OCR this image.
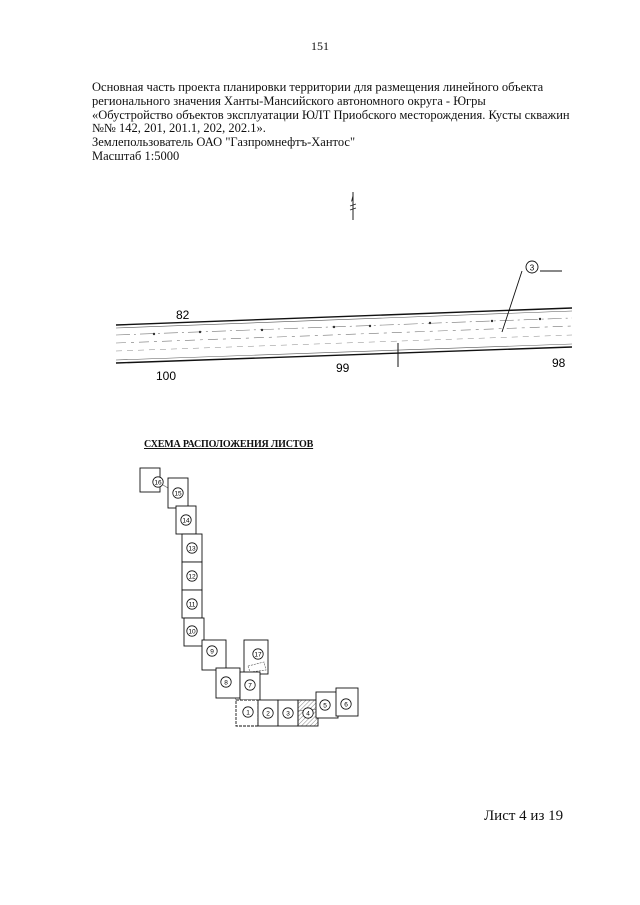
151
Основная часть проекта планировки территории для размещения линейного объекта
регионального значения Ханты-Мансийского автономного округа - Югры
«Обустройство объектов эксплуатации ЮЛТ Приобского месторождения. Кусты скважин
№№ 142, 201, 201.1, 202, 202.1».
Землепользователь ОАО "Газпромнефтъ-Хантос"
Масштаб 1:5000
3
82
100
99	98
СХЕМА РАСПОЛОЖЕНИЯ ЛИСТОВ
16
15
14
13
12
11
10
9	17
8	7
1	2	3	4
5	6
Лист 4 из 19
